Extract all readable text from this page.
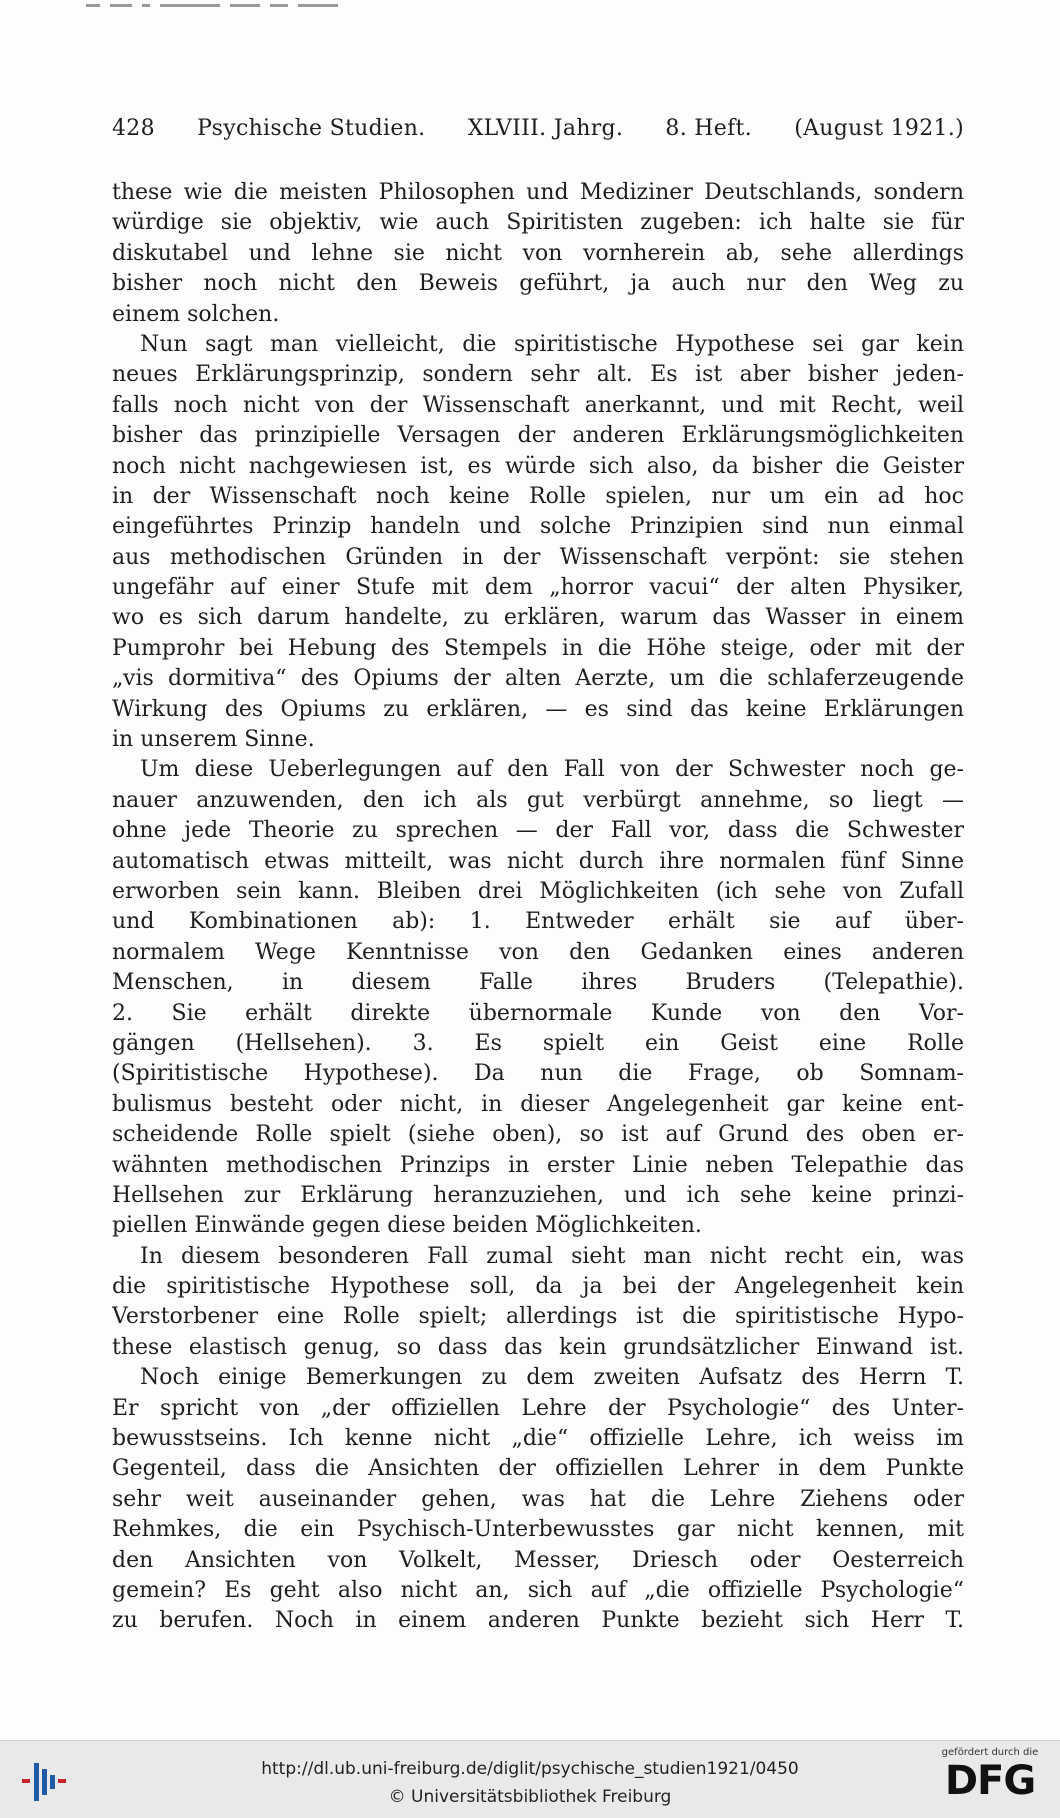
428 Psychische Studien. XLVIII. Jahrg. 8. Heft. (August 1921.)
these wie die meisten Philosophen und Mediziner Deutschlands, sondern
würdige sie objektiv, wie auch Spiritisten zugeben: ich halte sie für
diskutabel und lehne sie nicht von vornherein ab, sehe allerdings
bisher noch nicht den Beweis geführt, ja auch nur den Weg zu
einem solchen.
Nun sagt man vielleicht, die spiritistische Hypothese sei gar kein
neues Erklärungsprinzip, sondern sehr alt. Es ist aber bisher jeden-
falls noch nicht von der Wissenschaft anerkannt, und mit Recht, weil
bisher das prinzipielle Versagen der anderen Erklärungsmöglichkeiten
noch nicht nachgewiesen ist, es würde sich also, da bisher die Geister
in der Wissenschaft noch keine Rolle spielen, nur um ein ad hoc
eingeführtes Prinzip handeln und solche Prinzipien sind nun einmal
aus methodischen Gründen in der Wissenschaft verpönt: sie stehen
ungefähr auf einer Stufe mit dem „horror vacui“ der alten Physiker,
wo es sich darum handelte, zu erklären, warum das Wasser in einem
Pumprohr bei Hebung des Stempels in die Höhe steige, oder mit der
„vis dormitiva“ des Opiums der alten Aerzte, um die schlaferzeugende
Wirkung des Opiums zu erklären, — es sind das keine Erklärungen
in unserem Sinne.
Um diese Ueberlegungen auf den Fall von der Schwester noch ge-
nauer anzuwenden, den ich als gut verbürgt annehme, so liegt —
ohne jede Theorie zu sprechen — der Fall vor, dass die Schwester
automatisch etwas mitteilt, was nicht durch ihre normalen fünf Sinne
erworben sein kann. Bleiben drei Möglichkeiten (ich sehe von Zufall
und Kombinationen ab): 1. Entweder erhält sie auf über-
normalem Wege Kenntnisse von den Gedanken eines anderen
Menschen, in diesem Falle ihres Bruders (Telepathie).
2. Sie erhält direkte übernormale Kunde von den Vor-
gängen (Hellsehen). 3. Es spielt ein Geist eine Rolle
(Spiritistische Hypothese). Da nun die Frage, ob Somnam-
bulismus besteht oder nicht, in dieser Angelegenheit gar keine ent-
scheidende Rolle spielt (siehe oben), so ist auf Grund des oben er-
wähnten methodischen Prinzips in erster Linie neben Telepathie das
Hellsehen zur Erklärung heranzuziehen, und ich sehe keine prinzi-
piellen Einwände gegen diese beiden Möglichkeiten.
In diesem besonderen Fall zumal sieht man nicht recht ein, was
die spiritistische Hypothese soll, da ja bei der Angelegenheit kein
Verstorbener eine Rolle spielt; allerdings ist die spiritistische Hypo-
these elastisch genug, so dass das kein grundsätzlicher Einwand ist.
Noch einige Bemerkungen zu dem zweiten Aufsatz des Herrn T.
Er spricht von „der offiziellen Lehre der Psychologie“ des Unter-
bewusstseins. Ich kenne nicht „die“ offizielle Lehre, ich weiss im
Gegenteil, dass die Ansichten der offiziellen Lehrer in dem Punkte
sehr weit auseinander gehen, was hat die Lehre Ziehens oder
Rehmkes, die ein Psychisch-Unterbewusstes gar nicht kennen, mit
den Ansichten von Volkelt, Messer, Driesch oder Oesterreich
gemein? Es geht also nicht an, sich auf „die offizielle Psychologie“
zu berufen. Noch in einem anderen Punkte bezieht sich Herr T.
http://dl.ub.uni-freiburg.de/diglit/psychische_studien1921/0450
© Universitätsbibliothek Freiburg
gefördert durch die
DFG
